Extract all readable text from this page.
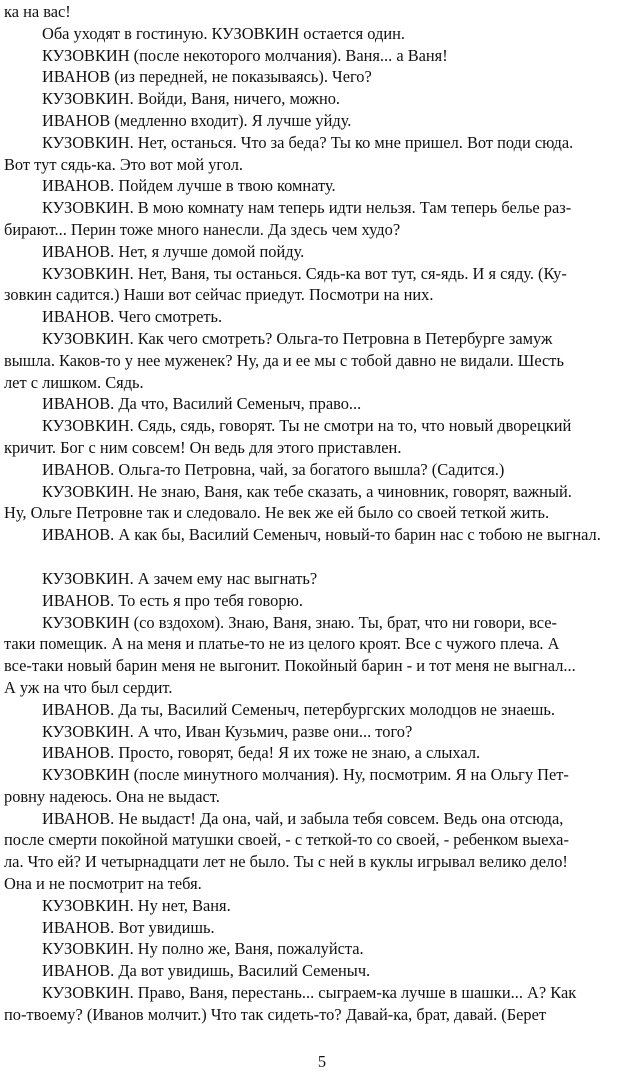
ка на вас!
Оба уходят в гостиную. КУЗОВКИН остается один.
КУЗОВКИН (после некоторого молчания). Ваня... а Ваня!
ИВАНОВ (из передней, не показываясь). Чего?
КУЗОВКИН. Войди, Ваня, ничего, можно.
ИВАНОВ (медленно входит). Я лучше уйду.
КУЗОВКИН. Нет, останься. Что за беда? Ты ко мне пришел. Вот поди сюда.
Вот тут сядь-ка. Это вот мой угол.
ИВАНОВ. Пойдем лучше в твою комнату.
КУЗОВКИН. В мою комнату нам теперь идти нельзя. Там теперь белье раз-
бирают... Перин тоже много нанесли. Да здесь чем худо?
ИВАНОВ. Нет, я лучше домой пойду.
КУЗОВКИН. Нет, Ваня, ты останься. Сядь-ка вот тут, ся-ядь. И я сяду. (Ку-
зовкин садится.) Наши вот сейчас приедут. Посмотри на них.
ИВАНОВ. Чего смотреть.
КУЗОВКИН. Как чего смотреть? Ольга-то Петровна в Петербурге замуж
вышла. Каков-то у нее муженек? Ну, да и ее мы с тобой давно не видали. Шесть
лет с лишком. Сядь.
ИВАНОВ. Да что, Василий Семеныч, право...
КУЗОВКИН. Сядь, сядь, говорят. Ты не смотри на то, что новый дворецкий
кричит. Бог с ним совсем! Он ведь для этого приставлен.
ИВАНОВ. Ольга-то Петровна, чай, за богатого вышла? (Садится.)
КУЗОВКИН. Не знаю, Ваня, как тебе сказать, а чиновник, говорят, важный.
Ну, Ольге Петровне так и следовало. Не век же ей было со своей теткой жить.
ИВАНОВ. А как бы, Василий Семеныч, новый-то барин нас с тобою не выгнал.
КУЗОВКИН. А зачем ему нас выгнать?
ИВАНОВ. То есть я про тебя говорю.
КУЗОВКИН (со вздохом). Знаю, Ваня, знаю. Ты, брат, что ни говори, все-
таки помещик. А на меня и платье-то не из целого кроят. Все с чужого плеча. А
все-таки новый барин меня не выгонит. Покойный барин - и тот меня не выгнал...
А уж на что был сердит.
ИВАНОВ. Да ты, Василий Семеныч, петербургских молодцов не знаешь.
КУЗОВКИН. А что, Иван Кузьмич, разве они... того?
ИВАНОВ. Просто, говорят, беда! Я их тоже не знаю, а слыхал.
КУЗОВКИН (после минутного молчания). Ну, посмотрим. Я на Ольгу Пет-
ровну надеюсь. Она не выдаст.
ИВАНОВ. Не выдаст! Да она, чай, и забыла тебя совсем. Ведь она отсюда,
после смерти покойной матушки своей, - с теткой-то со своей, - ребенком выеха-
ла. Что ей? И четырнадцати лет не было. Ты с ней в куклы игрывал велико дело!
Она и не посмотрит на тебя.
КУЗОВКИН. Ну нет, Ваня.
ИВАНОВ. Вот увидишь.
КУЗОВКИН. Ну полно же, Ваня, пожалуйста.
ИВАНОВ. Да вот увидишь, Василий Семеныч.
КУЗОВКИН. Право, Ваня, перестань... сыграем-ка лучше в шашки... А? Как
по-твоему? (Иванов молчит.) Что так сидеть-то? Давай-ка, брат, давай. (Берет
5
